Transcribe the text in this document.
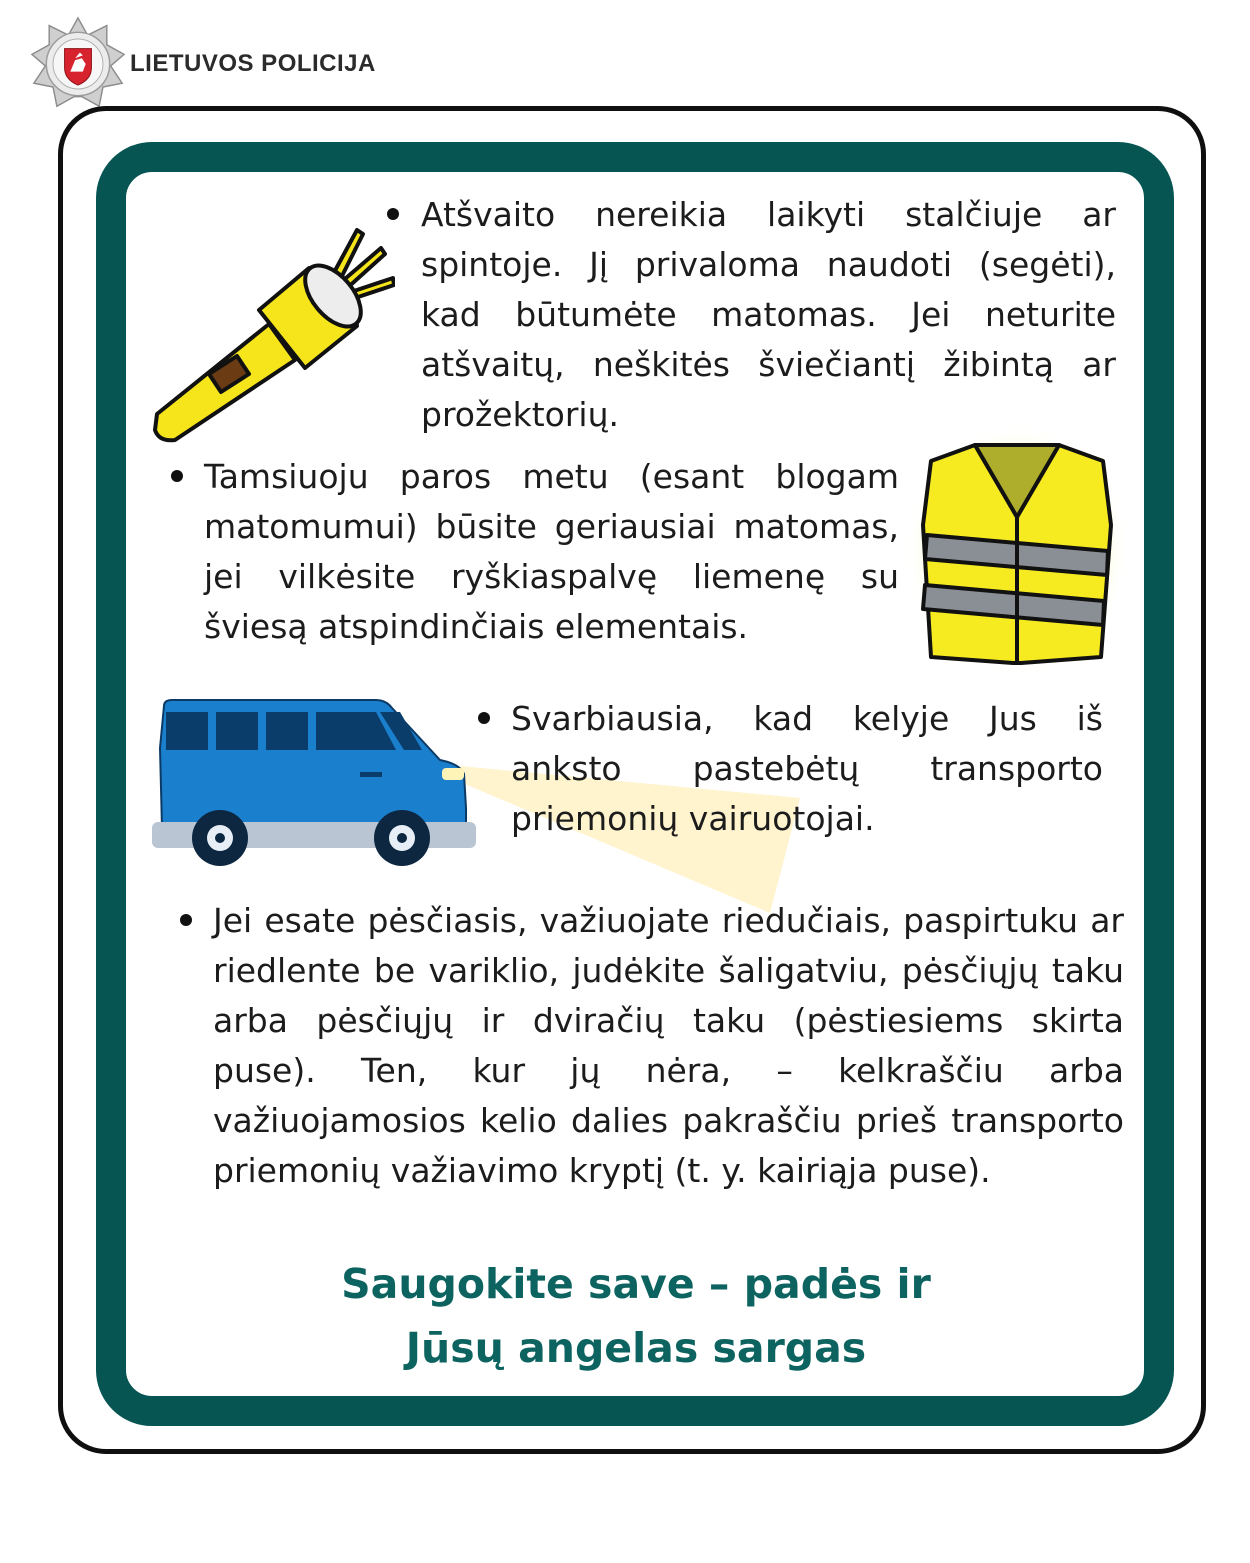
LIETUVOS POLICIJA

Atšvaito nereikia laikyti stalčiuje ar spintoje. Jį privaloma naudoti (segėti), kad būtumėte matomas. Jei neturite atšvaitų, neškitės šviečiantį žibintą ar prožektorių.

Tamsiuoju paros metu (esant blogam matomumui) būsite geriausiai matomas, jei vilkėsite ryškiaspalvę liemenę su šviesą atspindinčiais elementais.

Svarbiausia, kad kelyje Jus iš anksto pastebėtų transporto priemonių vairuotojai.

Jei esate pėsčiasis, važiuojate riedučiais, paspirtuku ar riedlente be variklio, judėkite šaligatviu, pėsčiųjų taku arba pėsčiųjų ir dviračių taku (pėstiesiems skirta puse). Ten, kur jų nėra, – kelkraščiu arba važiuojamosios kelio dalies pakraščiu prieš transporto priemonių važiavimo kryptį (t. y. kairiąja puse).

Saugokite save – padės ir
Jūsų angelas sargas
